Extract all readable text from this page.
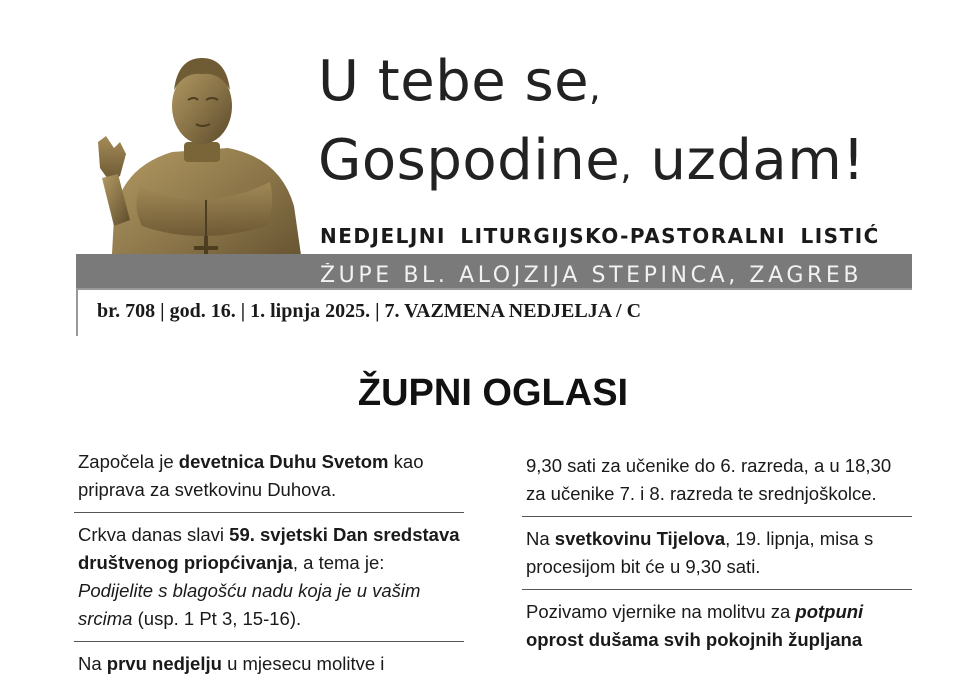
U tebe se,
Gospodine, uzdam!
NEDJELJNI LITURGIJSKO-PASTORALNI LISTIĆ
ŽUPE BL. ALOJZIJA STEPINCA, ZAGREB
br. 708 | god. 16. | 1. lipnja 2025. | 7. VAZMENA NEDJELJA / C
ŽUPNI OGLASI

Započela je devetnica Duhu Svetom kao priprava za svetkovinu Duhova.

Crkva danas slavi 59. svjetski Dan sredstava društvenog priopćivanja, a tema je: Podijelite s blagošću nadu koja je u vašim srcima (usp. 1 Pt 3, 15-16).

Na prvu nedjelju u mjesecu molitve i

9,30 sati za učenike do 6. razreda, a u 18,30 za učenike 7. i 8. razreda te srednjoškolce.

Na svetkovinu Tijelova, 19. lipnja, misa s procesijom bit će u 9,30 sati.

Pozivamo vjernike na molitvu za potpuni oprost dušama svih pokojnih župljana
